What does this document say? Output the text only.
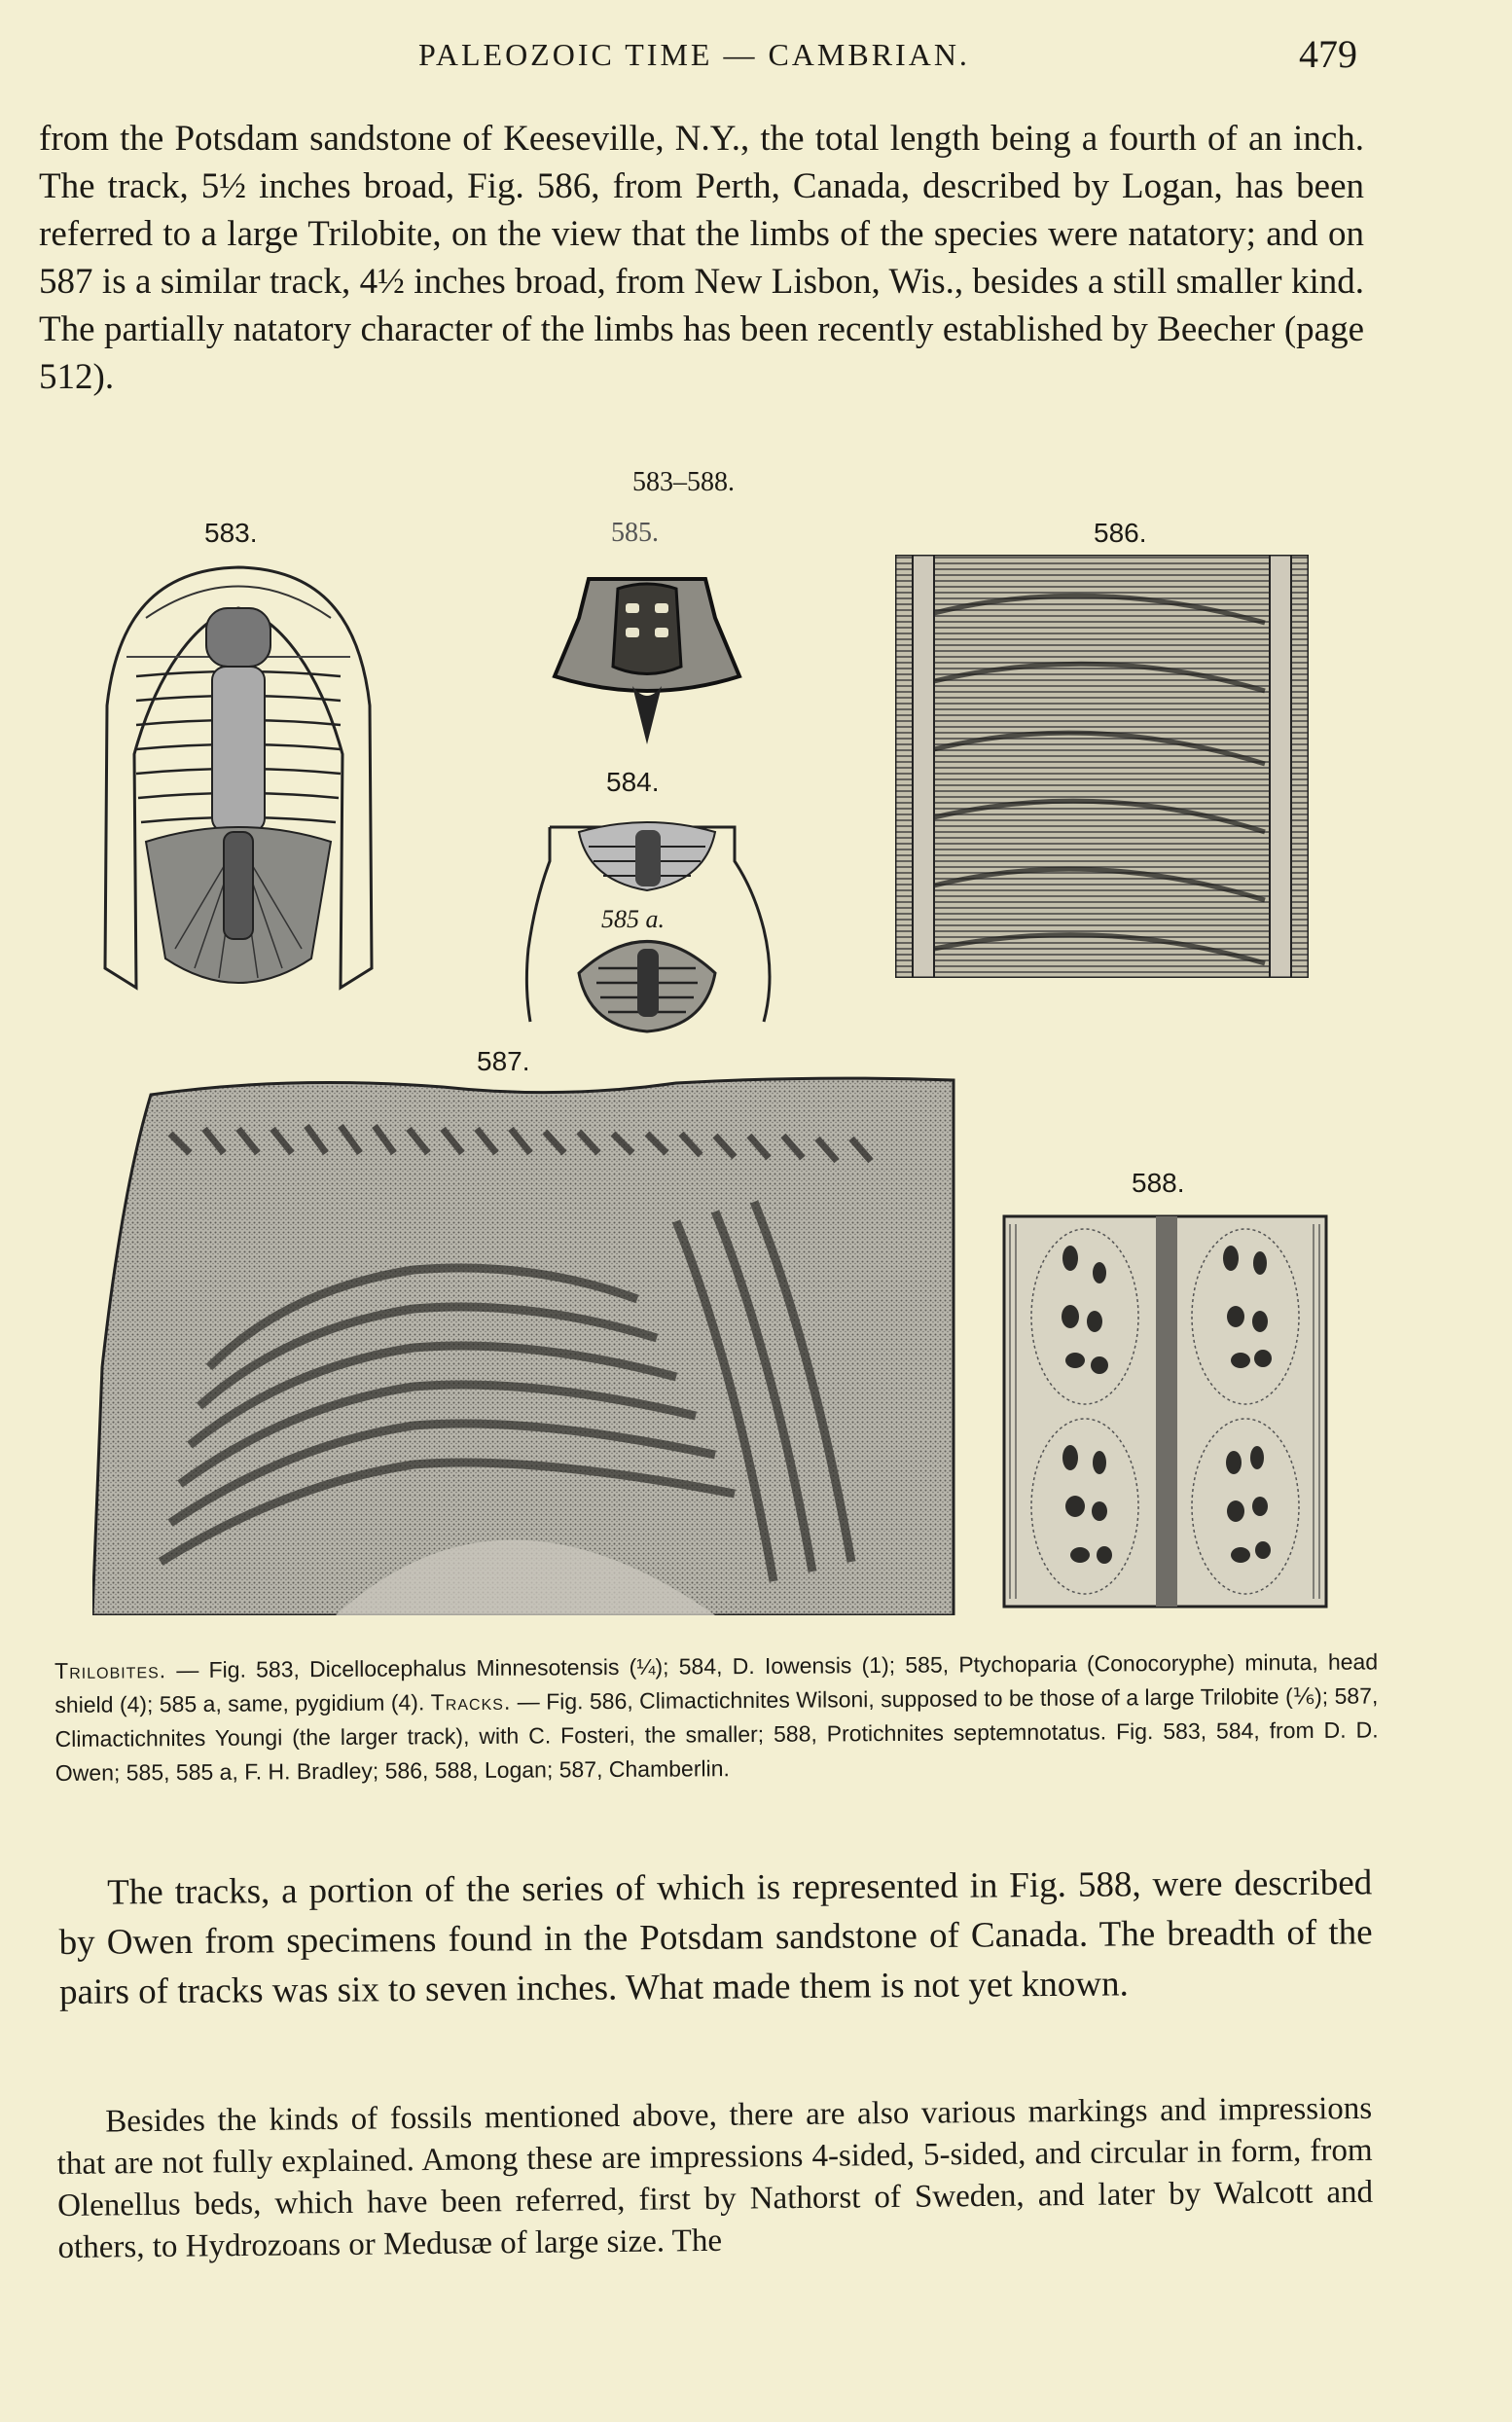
PALEOZOIC TIME — CAMBRIAN.	479

from the Potsdam sandstone of Keeseville, N.Y., the total length being a fourth of an inch. The track, 5½ inches broad, Fig. 586, from Perth, Canada, described by Logan, has been referred to a large Trilobite, on the view that the limbs of the species were natatory; and on 587 is a similar track, 4½ inches broad, from New Lisbon, Wis., besides a still smaller kind. The partially natatory character of the limbs has been recently established by Beecher (page 512).

583–588.
583.	585.	586.
584.
585 a.
587.
588.

Trilobites. — Fig. 583, Dicellocephalus Minnesotensis (¼); 584, D. Iowensis (1); 585, Ptychoparia (Conocoryphe) minuta, head shield (4); 585 a, same, pygidium (4). Tracks. — Fig. 586, Climactichnites Wilsoni, supposed to be those of a large Trilobite (⅙); 587, Climactichnites Youngi (the larger track), with C. Fosteri, the smaller; 588, Protichnites septemnotatus. Fig. 583, 584, from D. D. Owen; 585, 585 a, F. H. Bradley; 586, 588, Logan; 587, Chamberlin.

The tracks, a portion of the series of which is represented in Fig. 588, were described by Owen from specimens found in the Potsdam sandstone of Canada. The breadth of the pairs of tracks was six to seven inches. What made them is not yet known.

Besides the kinds of fossils mentioned above, there are also various markings and impressions that are not fully explained. Among these are impressions 4-sided, 5-sided, and circular in form, from Olenellus beds, which have been referred, first by Nathorst of Sweden, and later by Walcott and others, to Hydrozoans or Medusæ of large size. The
